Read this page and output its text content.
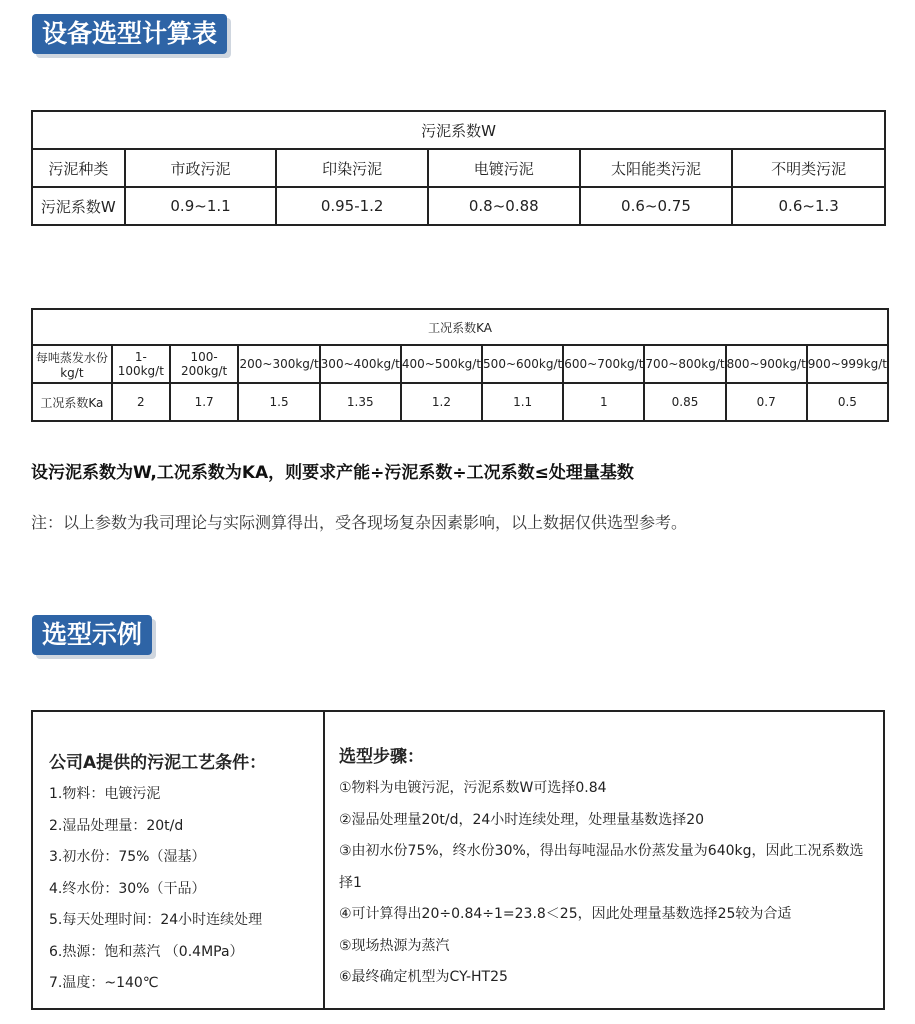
设备选型计算表
污泥系数W					
污泥种类	市政污泥	印染污泥	电镀污泥	太阳能类污泥	不明类污泥
污泥系数W	0.9~1.1	0.95-1.2	0.8~0.88	0.6~0.75	0.6~1.3
工况系数KA										
每吨蒸发水份kg/t	1-100kg/t	100-200kg/t	200~300kg/t	300~400kg/t	400~500kg/t	500~600kg/t	600~700kg/t	700~800kg/t	800~900kg/t	900~999kg/t
工况系数Ka	2	1.7	1.5	1.35	1.2	1.1	1	0.85	0.7	0.5
设污泥系数为W,工况系数为KA，则要求产能÷污泥系数÷工况系数≤处理量基数
注：以上参数为我司理论与实际测算得出，受各现场复杂因素影响，以上数据仅供选型参考。
选型示例
公司A提供的污泥工艺条件：
1.物料：电镀污泥
2.湿品处理量：20t/d
3.初水份：75%（湿基）
4.终水份：30%（干品）
5.每天处理时间：24小时连续处理
6.热源：饱和蒸汽 （0.4MPa）
7.温度：~140℃
选型步骤：
①物料为电镀污泥，污泥系数W可选择0.84
②湿品处理量20t/d，24小时连续处理，处理量基数选择20
③由初水份75%，终水份30%，得出每吨湿品水份蒸发量为640kg，因此工况系数选择1
④可计算得出20÷0.84÷1=23.8＜25，因此处理量基数选择25较为合适
⑤现场热源为蒸汽
⑥最终确定机型为CY-HT25
